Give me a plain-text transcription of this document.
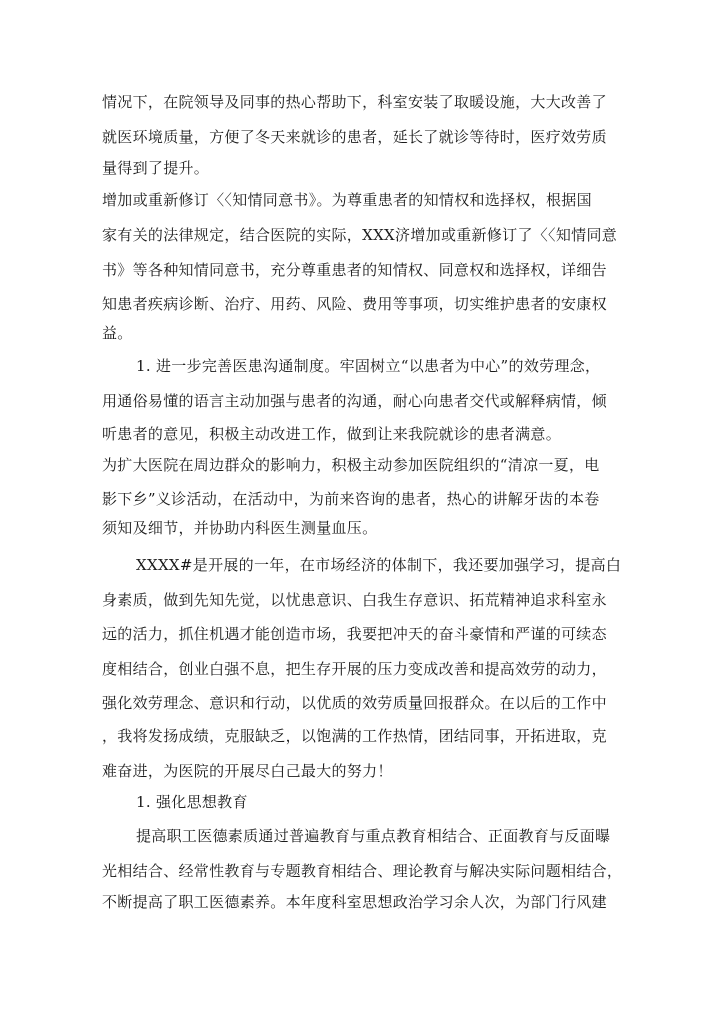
情况下，在院领导及同事的热心帮助下，科室安装了取暖设施，大大改善了
就医环境质量，方便了冬天来就诊的患者，延长了就诊等待时，医疗效劳质
量得到了提升。
增加或重新修订〈〈知情同意书》。为尊重患者的知情权和选择权，根据国
家有关的法律规定，结合医院的实际，XXX济增加或重新修订了〈〈知情同意
书》等各种知情同意书，充分尊重患者的知情权、同意权和选择权，详细告
知患者疾病诊断、治疗、用药、风险、费用等事项，切实维护患者的安康权
益。
1. 进一步完善医患沟通制度。牢固树立“以患者为中心”的效劳理念，
用通俗易懂的语言主动加强与患者的沟通，耐心向患者交代或解释病情，倾
听患者的意见，积极主动改进工作，做到让来我院就诊的患者满意。
为扩大医院在周边群众的影响力，积极主动参加医院组织的“清凉一夏，电
影下乡”义诊活动，在活动中，为前来咨询的患者，热心的讲解牙齿的本卷
须知及细节，并协助内科医生测量血压。
XXXX#是开展的一年，在市场经济的体制下，我还要加强学习，提高白
身素质，做到先知先觉，以忧患意识、白我生存意识、拓荒精神追求科室永
远的活力，抓住机遇才能创造市场，我要把冲天的奋斗豪情和严谨的可续态
度相结合，创业白强不息，把生存开展的压力变成改善和提高效劳的动力，
强化效劳理念、意识和行动，以优质的效劳质量回报群众。在以后的工作中
，我将发扬成绩，克服缺乏，以饱满的工作热情，团结同事，开拓进取，克
难奋进，为医院的开展尽白己最大的努力！
1. 强化思想教育
提高职工医德素质通过普遍教育与重点教育相结合、正面教育与反面曝
光相结合、经常性教育与专题教育相结合、理论教育与解决实际问题相结合，
不断提高了职工医德素养。本年度科室思想政治学习余人次，为部门行风建
